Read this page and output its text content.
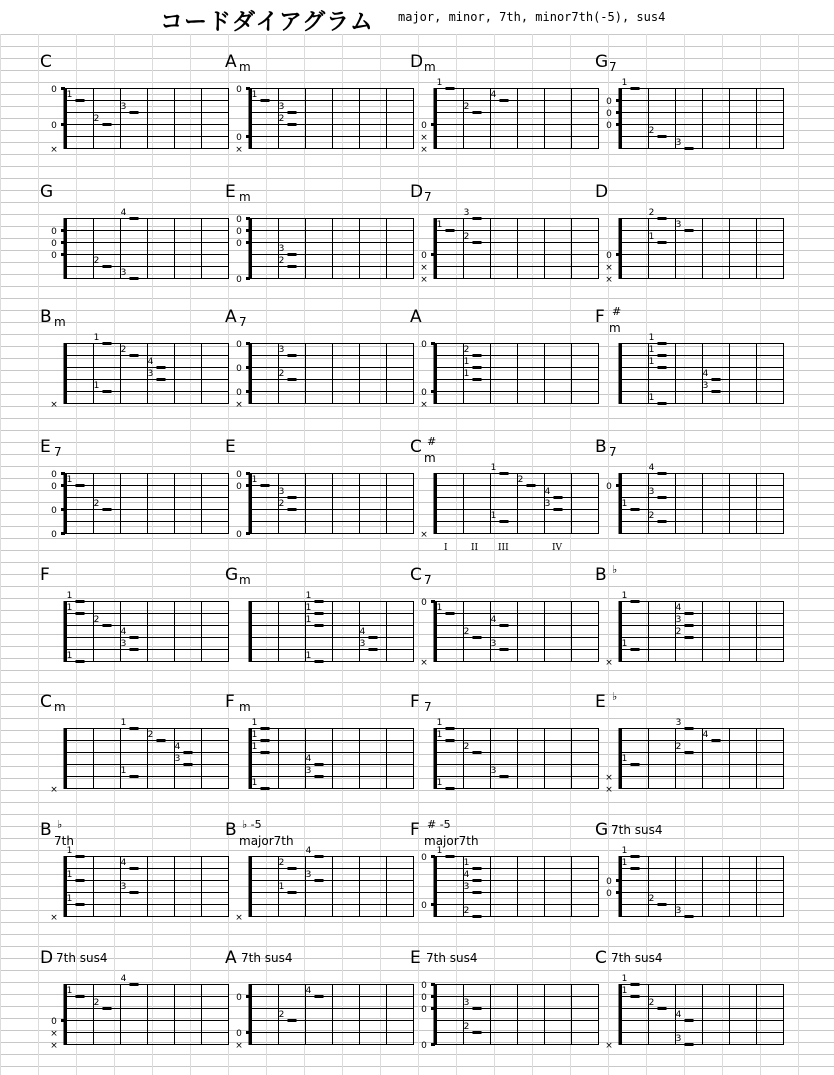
コードダイアグラム major, minor, 7th, minor7th(-5), sus4
C
0
0
×
1
2
3
A m
0
0
×
1
2
3
D m
0
×
×
1
2
4
G 7
0
0
0
1
2
3
G
0
0
0
4
2
3
E m
0
0
0
0
3
2
D 7
0
×
×
1
3
2
D
0
×
×
2
3
1
B m
×
1
2
4
3
1
A 7
0
0
0
×
3
2
A
0
0
×
2
1
1
F #
m
1
1
1
4
3
1
E 7
0
0
0
0
1
2
E
0
0
0
1
3
2
C #
m
×
1
2
4
3
1
I	II III	IV
B 7
0
4
3
1
2
F
1
1
2
4
3
1
G m
1
1
1
4
3
1
C 7
0
×
1
2
4
3
B ♭
×
1
4
3
2
1
C m
×
1
2
4
3
1
F m
1
1
1
4
3
1
F 7
1
1
2
3
1
E ♭
×
×
3
4
2
1
B ♭
7th
×
1
4
1
3
1
B ♭ -5
major7th
×
4
2
3
1
F # -5
major7th
0
0
1
1
4
3
2
G 7th sus4
0
0
1
1
2
3
D 7th sus4
0
×
×
4
1
2
A 7th sus4
0
0
×
4
2
E 7th sus4
0
0
0
0
3
2
C 7th sus4
×
1
1
2
4
3
